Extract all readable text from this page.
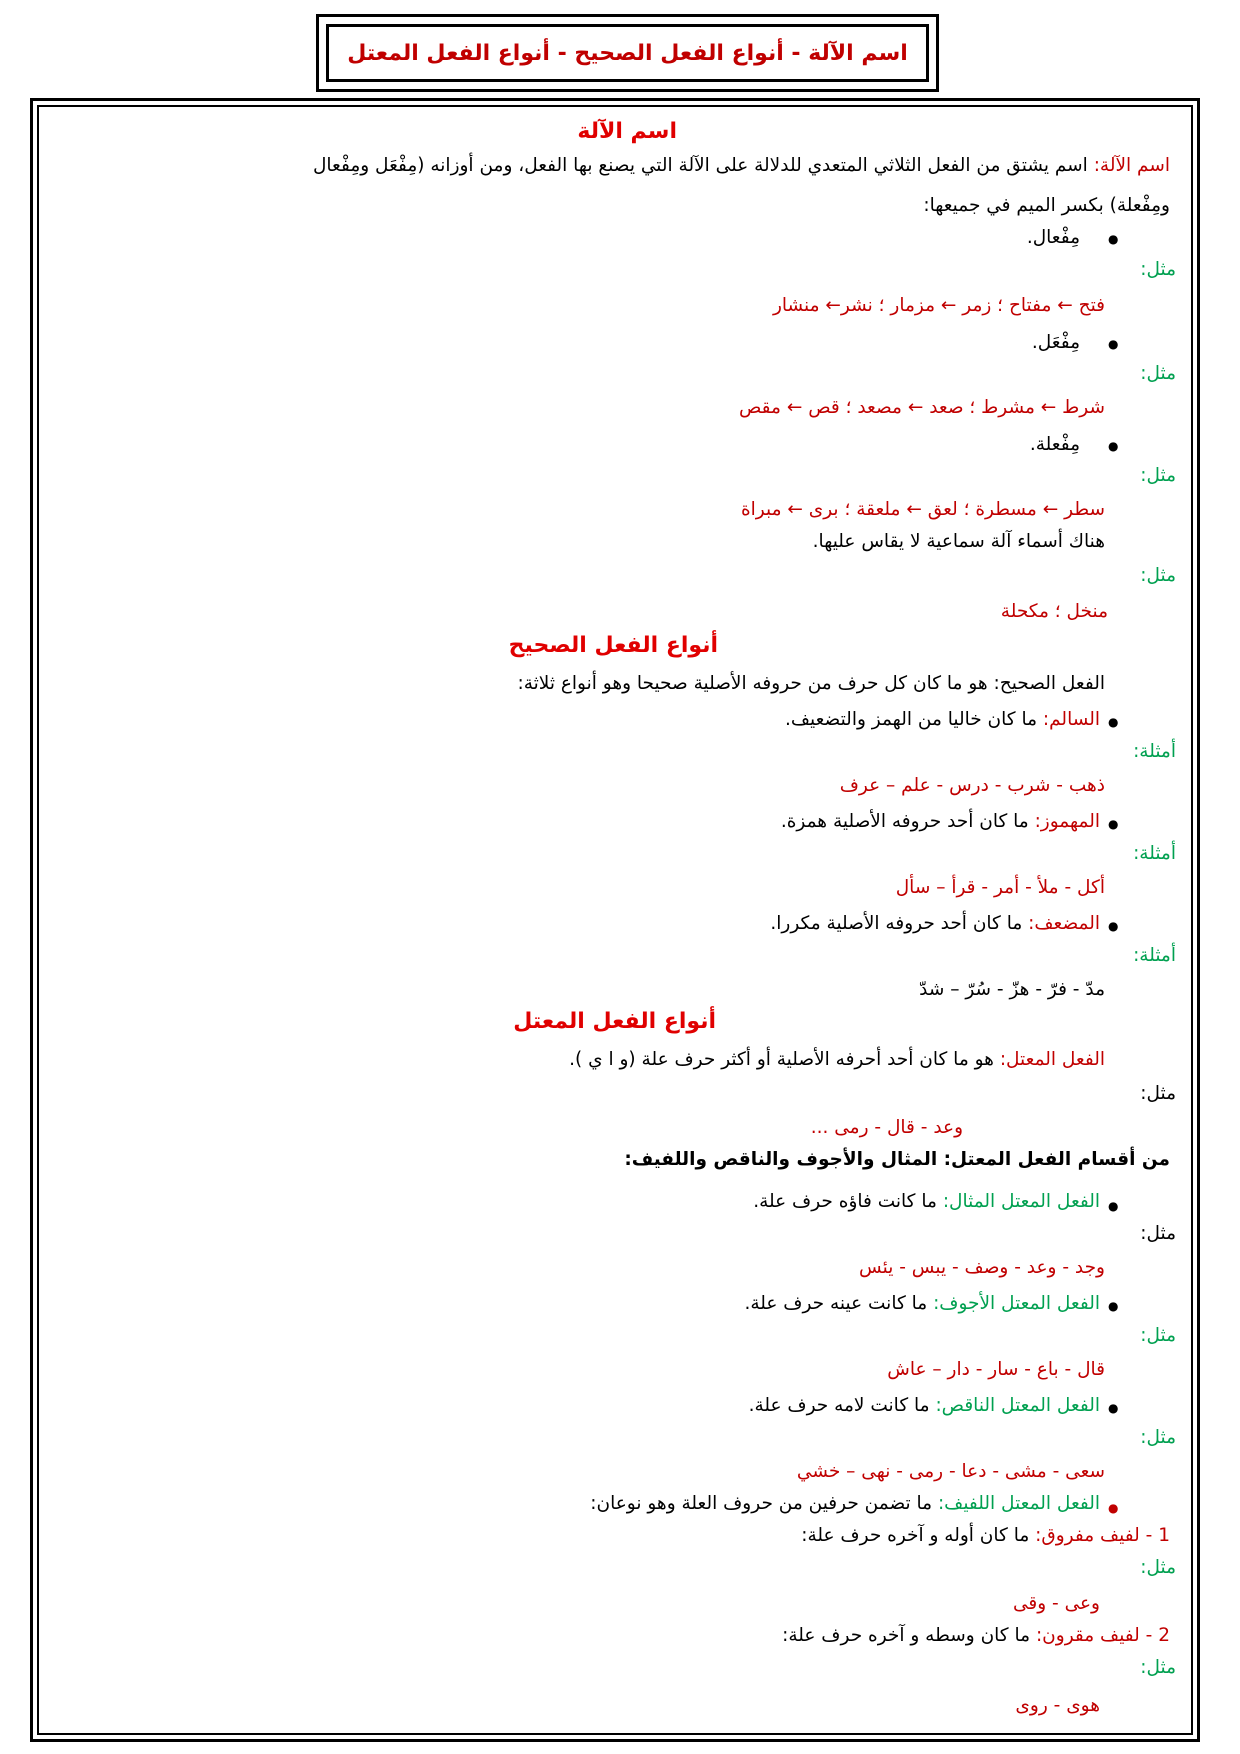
اسم الآلة - أنواع الفعل الصحيح - أنواع الفعل المعتل
اسم الآلة
اسم الآلة: اسم يشتق من الفعل الثلاثي المتعدي للدلالة على الآلة التي يصنع بها الفعل، ومن أوزانه (مِفْعَل ومِفْعال
ومِفْعلة) بكسر الميم في جميعها:
●
مِفْعال.
مثل:
فتح ← مفتاح ؛ زمر ← مزمار ؛ نشر← منشار
●
مِفْعَل.
مثل:
شرط ← مشرط ؛ صعد ← مصعد ؛ قص ← مقص
●
مِفْعلة.
مثل:
سطر ← مسطرة ؛ لعق ← ملعقة ؛ برى ← مبراة
هناك أسماء آلة سماعية لا يقاس عليها.
مثل:
منخل ؛ مكحلة
أنواع الفعل الصحيح
الفعل الصحيح: هو ما كان كل حرف من حروفه الأصلية صحيحا وهو أنواع ثلاثة:
●
السالم: ما كان خاليا من الهمز والتضعيف.
أمثلة:
ذهب - شرب - درس - علم – عرف
●
المهموز: ما كان أحد حروفه الأصلية همزة.
أمثلة:
أكل - ملأ - أمر - قرأ – سأل
●
المضعف: ما كان أحد حروفه الأصلية مكررا.
أمثلة:
مدّ - فرّ - هزّ - سُرّ – شدّ
أنواع الفعل المعتل
الفعل المعتل: هو ما كان أحد أحرفه الأصلية أو أكثر حرف علة (و ا ي ).
مثل:
وعد - قال - رمى ...
من أقسام الفعل المعتل: المثال والأجوف والناقص واللفيف:
●
الفعل المعتل المثال: ما كانت فاؤه حرف علة.
مثل:
وجد - وعد - وصف - يبس - يئس
●
الفعل المعتل الأجوف: ما كانت عينه حرف علة.
مثل:
قال - باع - سار - دار – عاش
●
الفعل المعتل الناقص: ما كانت لامه حرف علة.
مثل:
سعى - مشى - دعا - رمى - نهى – خشي
●
الفعل المعتل اللفيف: ما تضمن حرفين من حروف العلة وهو نوعان:
1 - لفيف مفروق: ما كان أوله و آخره حرف علة:
مثل:
وعى - وقى
2 - لفيف مقرون: ما كان وسطه و آخره حرف علة:
مثل:
هوى - روى
